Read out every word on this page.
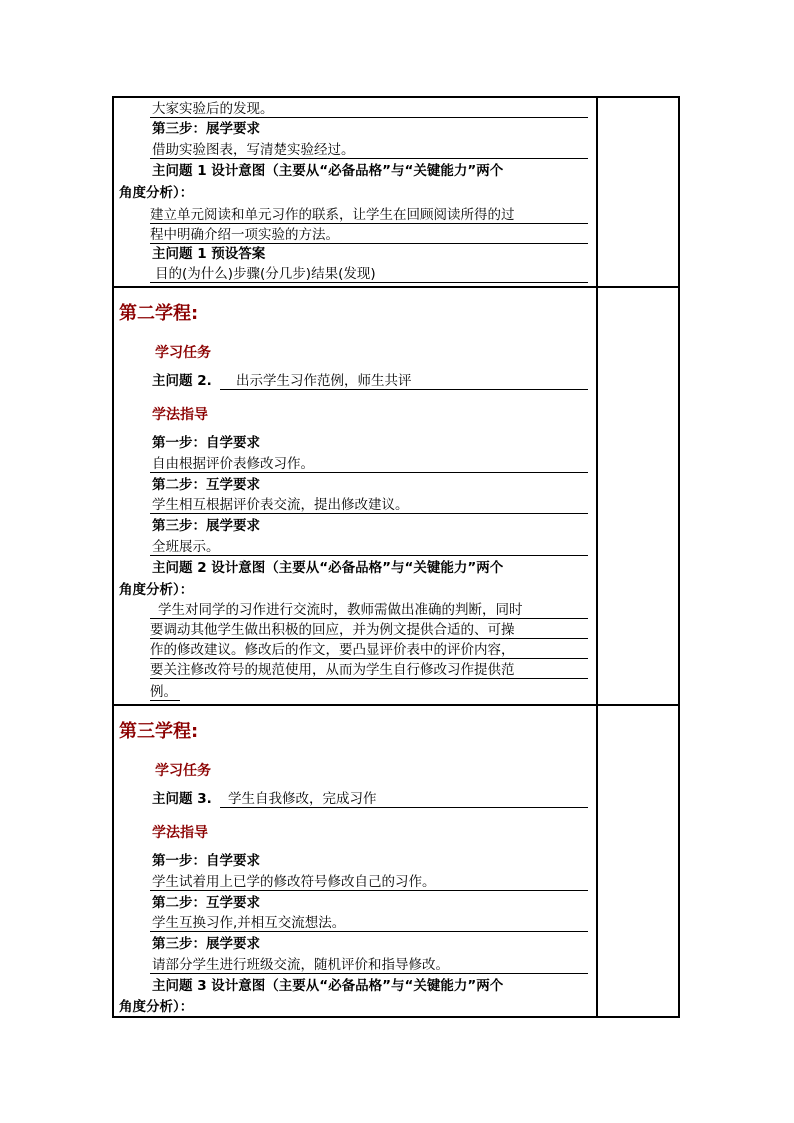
大家实验后的发现。
第三步：展学要求
借助实验图表，写清楚实验经过。
主问题 1 设计意图（主要从“必备品格”与“关键能力”两个
角度分析）：
建立单元阅读和单元习作的联系，让学生在回顾阅读所得的过
程中明确介绍一项实验的方法。
主问题 1 预设答案
目的(为什么)步骤(分几步)结果(发现)
第二学程:
学习任务
主问题 2. 出示学生习作范例，师生共评
学法指导
第一步：自学要求
自由根据评价表修改习作。
第二步：互学要求
学生相互根据评价表交流，提出修改建议。
第三步：展学要求
全班展示。
主问题 2 设计意图（主要从“必备品格”与“关键能力”两个
角度分析）：
学生对同学的习作进行交流时，教师需做出准确的判断，同时
要调动其他学生做出积极的回应，并为例文提供合适的、可操
作的修改建议。修改后的作文，要凸显评价表中的评价内容，
要关注修改符号的规范使用，从而为学生自行修改习作提供范
例。
第三学程:
学习任务
主问题 3. 学生自我修改，完成习作
学法指导
第一步：自学要求
学生试着用上已学的修改符号修改自己的习作。
第二步：互学要求
学生互换习作,并相互交流想法。
第三步：展学要求
请部分学生进行班级交流，随机评价和指导修改。
主问题 3 设计意图（主要从“必备品格”与“关键能力”两个
角度分析）：
